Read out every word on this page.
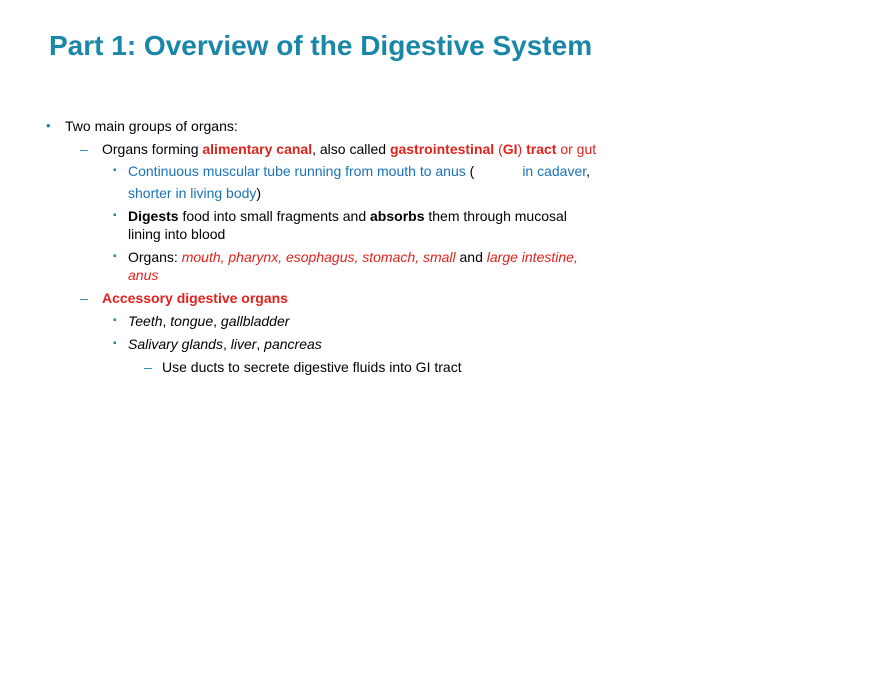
Part 1: Overview of the Digestive System
• Two main groups of organs:
– Organs forming alimentary canal, also called gastrointestinal (GI) tract or gut
▪ Continuous muscular tube running from mouth to anus (	in cadaver,
shorter in living body)
▪ Digests food into small fragments and absorbs them through mucosal
lining into blood
▪ Organs: mouth, pharynx, esophagus, stomach, small and large intestine,
anus
– Accessory digestive organs
▪ Teeth, tongue, gallbladder
▪ Salivary glands, liver, pancreas
– Use ducts to secrete digestive fluids into GI tract
